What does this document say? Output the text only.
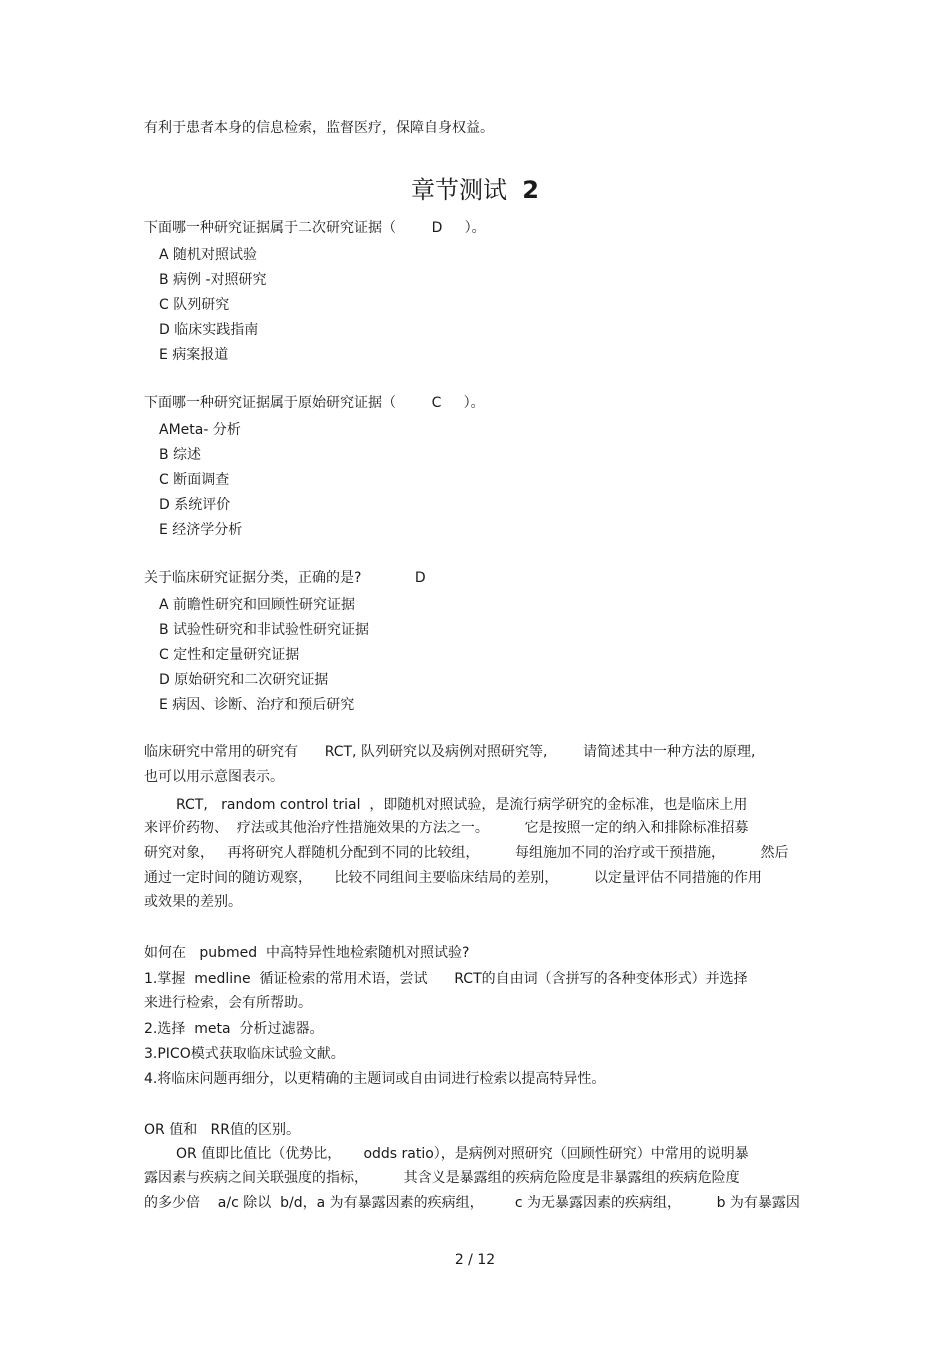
有利于患者本身的信息检索，监督医疗，保障自身权益。
章节测试 2
下面哪一种研究证据属于二次研究证据（        D     ）。
A 随机对照试验
B 病例 -对照研究
C 队列研究
D 临床实践指南
E 病案报道
下面哪一种研究证据属于原始研究证据（        C     ）。
AMeta- 分析
B 综述
C 断面调查
D 系统评价
E 经济学分析
关于临床研究证据分类，正确的是?            D
A 前瞻性研究和回顾性研究证据
B 试验性研究和非试验性研究证据
C 定性和定量研究证据
D 原始研究和二次研究证据
E 病因、诊断、治疗和预后研究
临床研究中常用的研究有      RCT, 队列研究以及病例对照研究等,        请简述其中一种方法的原理,
也可以用示意图表示。
RCT,   random control trial  ，即随机对照试验，是流行病学研究的金标准，也是临床上用
来评价药物、  疗法或其他治疗性措施效果的方法之一。        它是按照一定的纳入和排除标准招募
研究对象，   再将研究人群随机分配到不同的比较组，        每组施加不同的治疗或干预措施，        然后
通过一定时间的随访观察，     比较不同组间主要临床结局的差别，        以定量评估不同措施的作用
或效果的差别。
如何在   pubmed  中高特异性地检索随机对照试验?
1.掌握  medline  循证检索的常用术语，尝试      RCT的自由词（含拼写的各种变体形式）并选择
来进行检索，会有所帮助。
2.选择  meta  分析过滤器。
3.PICO模式获取临床试验文献。
4.将临床问题再细分，以更精确的主题词或自由词进行检索以提高特异性。
OR 值和   RR值的区别。
OR 值即比值比（优势比，     odds ratio），是病例对照研究（回顾性研究）中常用的说明暴
露因素与疾病之间关联强度的指标，        其含义是暴露组的疾病危险度是非暴露组的疾病危险度
的多少倍    a/c 除以  b/d，a 为有暴露因素的疾病组，       c 为无暴露因素的疾病组，        b 为有暴露因
2 / 12
